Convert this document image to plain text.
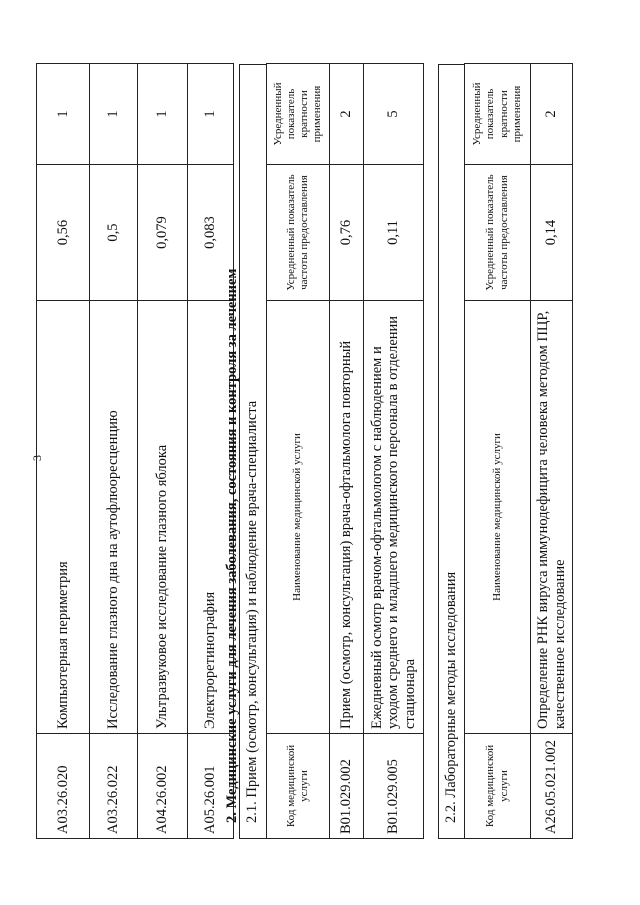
3
А03.26.020	Компьютерная периметрия	0,56	1
А03.26.022	Исследование глазного дна на аутофлюоресценцию	0,5	1
А04.26.002	Ультразвуковое исследование глазного яблока	0,079	1
А05.26.001	Электроретинография	0,083	1
2. Медицинские услуги для лечения заболевания, состояния и контроля за лечением 2.1. Прием (осмотр, консультация) и наблюдение врача-специалиста Код медицинской услуги	Наименование медицинской услуги	Усредненный показатель частоты предоставления	Усредненный показатель кратности применения
В01.029.002	Прием (осмотр, консультация) врача-офтальмолога повторный	0,76	2
В01.029.005	Ежедневный осмотр врачом-офтальмологом с наблюдением и уходом среднего и младшего медицинского персонала в отделении стационара	0,11	5
2.2. Лабораторные методы исследования Код медицинской услуги	Наименование медицинской услуги	Усредненный показатель частоты предоставления	Усредненный показатель кратности применения
А26.05.021.002	Определение РНК вируса иммунодефицита человека методом ПЦР, качественное исследование	0,14	2
